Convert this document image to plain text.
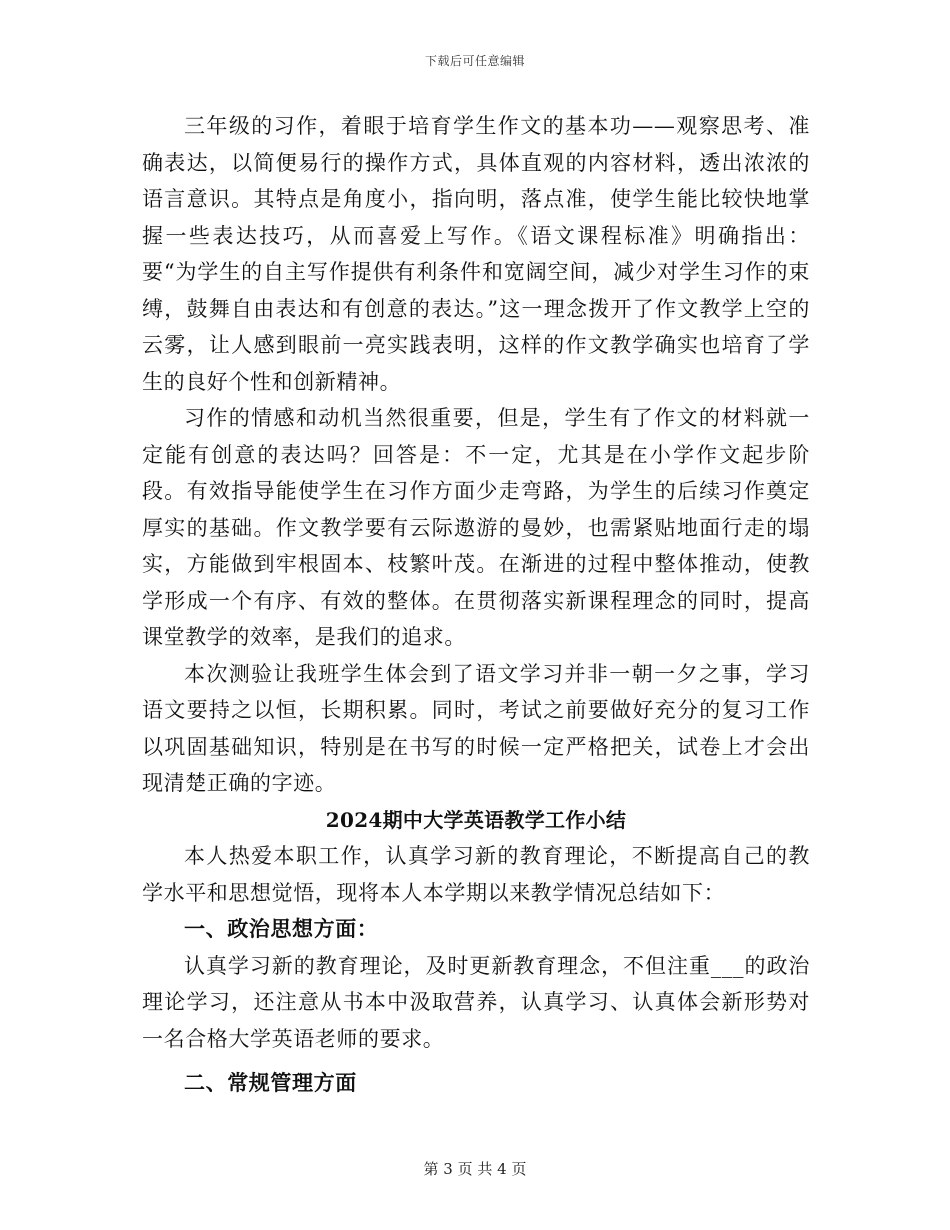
下载后可任意编辑

三年级的习作，着眼于培育学生作文的基本功——观察思考、准确表达，以简便易行的操作方式，具体直观的内容材料，透出浓浓的语言意识。其特点是角度小，指向明，落点准，使学生能比较快地掌握一些表达技巧，从而喜爱上写作。《语文课程标准》明确指出：要“为学生的自主写作提供有利条件和宽阔空间，减少对学生习作的束缚，鼓舞自由表达和有创意的表达。”这一理念拨开了作文教学上空的云雾，让人感到眼前一亮实践表明，这样的作文教学确实也培育了学生的良好个性和创新精神。

习作的情感和动机当然很重要，但是，学生有了作文的材料就一定能有创意的表达吗？回答是：不一定，尤其是在小学作文起步阶段。有效指导能使学生在习作方面少走弯路，为学生的后续习作奠定厚实的基础。作文教学要有云际遨游的曼妙，也需紧贴地面行走的塌实，方能做到牢根固本、枝繁叶茂。在渐进的过程中整体推动，使教学形成一个有序、有效的整体。在贯彻落实新课程理念的同时，提高课堂教学的效率，是我们的追求。

本次测验让我班学生体会到了语文学习并非一朝一夕之事，学习语文要持之以恒，长期积累。同时，考试之前要做好充分的复习工作以巩固基础知识，特别是在书写的时候一定严格把关，试卷上才会出现清楚正确的字迹。

2024期中大学英语教学工作小结

本人热爱本职工作，认真学习新的教育理论，不断提高自己的教学水平和思想觉悟，现将本人本学期以来教学情况总结如下：

一、政治思想方面：

认真学习新的教育理论，及时更新教育理念，不但注重___的政治理论学习，还注意从书本中汲取营养，认真学习、认真体会新形势对一名合格大学英语老师的要求。

二、常规管理方面

第 3 页 共 4 页
